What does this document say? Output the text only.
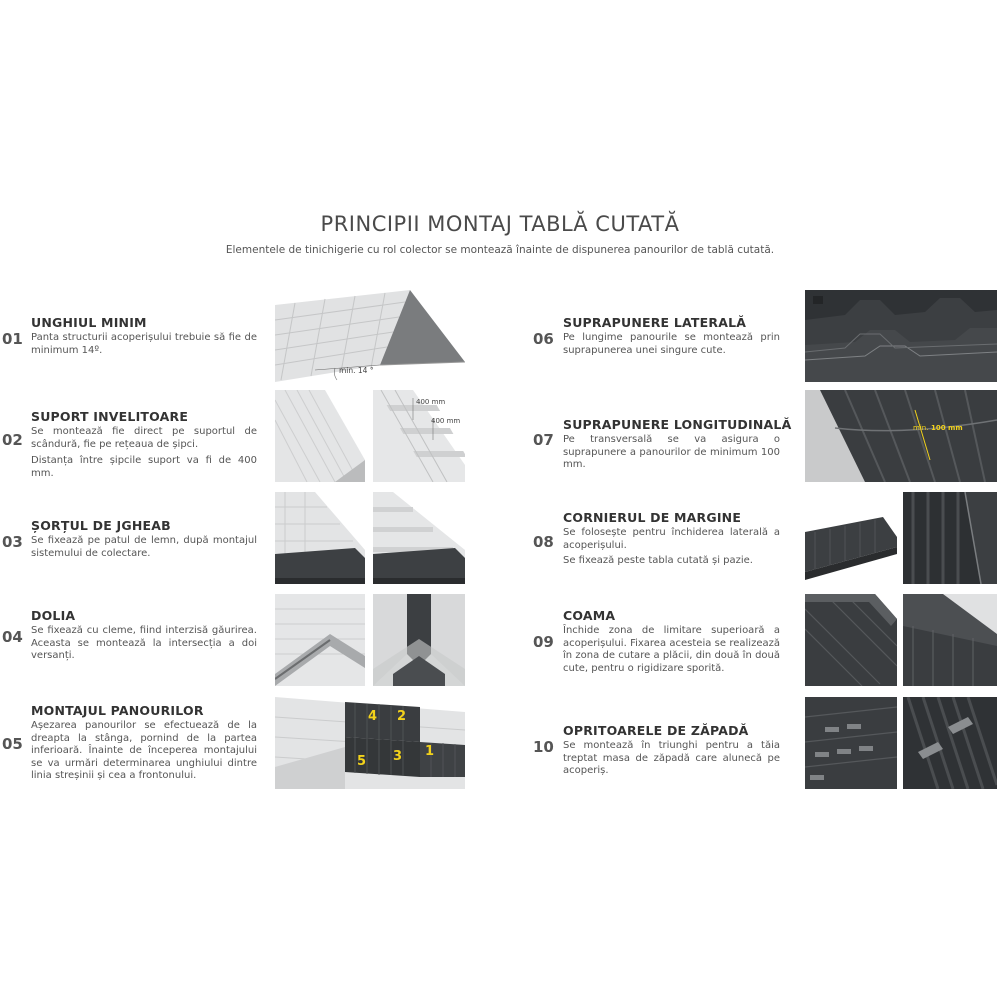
PRINCIPII MONTAJ TABLĂ CUTATĂ

Elementele de tinichigerie cu rol colector se montează înainte de dispunerea panourilor de tablă cutată.

01
UNGHIUL MINIM

Panta structurii acoperișului trebuie să fie de minimum 14º.

min. 14 °
02
SUPORT INVELITOARE

Se montează fie direct pe suportul de scândură, fie pe rețeaua de șipci.

Distanța între șipcile suport va fi de 400 mm.

400 mm
400 mm
03
ȘORȚUL DE JGHEAB

Se fixează pe patul de lemn, după montajul sistemului de colectare.

04
DOLIA

Se fixează cu cleme, fiind interzisă găurirea. Aceasta se montează la intersecția a doi versanți.

05
MONTAJUL PANOURILOR

Așezarea panourilor se efectuează de la dreapta la stânga, pornind de la partea inferioară. Înainte de începerea montajului se va urmări determinarea unghiului dintre linia streșinii și cea a frontonului.

4 2
5 3 1
06
SUPRAPUNERE LATERALĂ

Pe lungime panourile se montează prin suprapunerea unei singure cute.

07
SUPRAPUNERE LONGITUDINALĂ

Pe transversală se va asigura o suprapunere a panourilor de minimum 100 mm.

min. 100 mm
08
CORNIERUL DE MARGINE

Se folosește pentru închiderea laterală a acoperișului.

Se fixează peste tabla cutată și pazie.

09
COAMA

Închide zona de limitare superioară a acoperișului. Fixarea acesteia se realizează în zona de cutare a plăcii, din două în două cute, pentru o rigidizare sporită.

10
OPRITOARELE DE ZĂPADĂ

Se montează în triunghi pentru a tăia treptat masa de zăpadă care alunecă pe acoperiș.
